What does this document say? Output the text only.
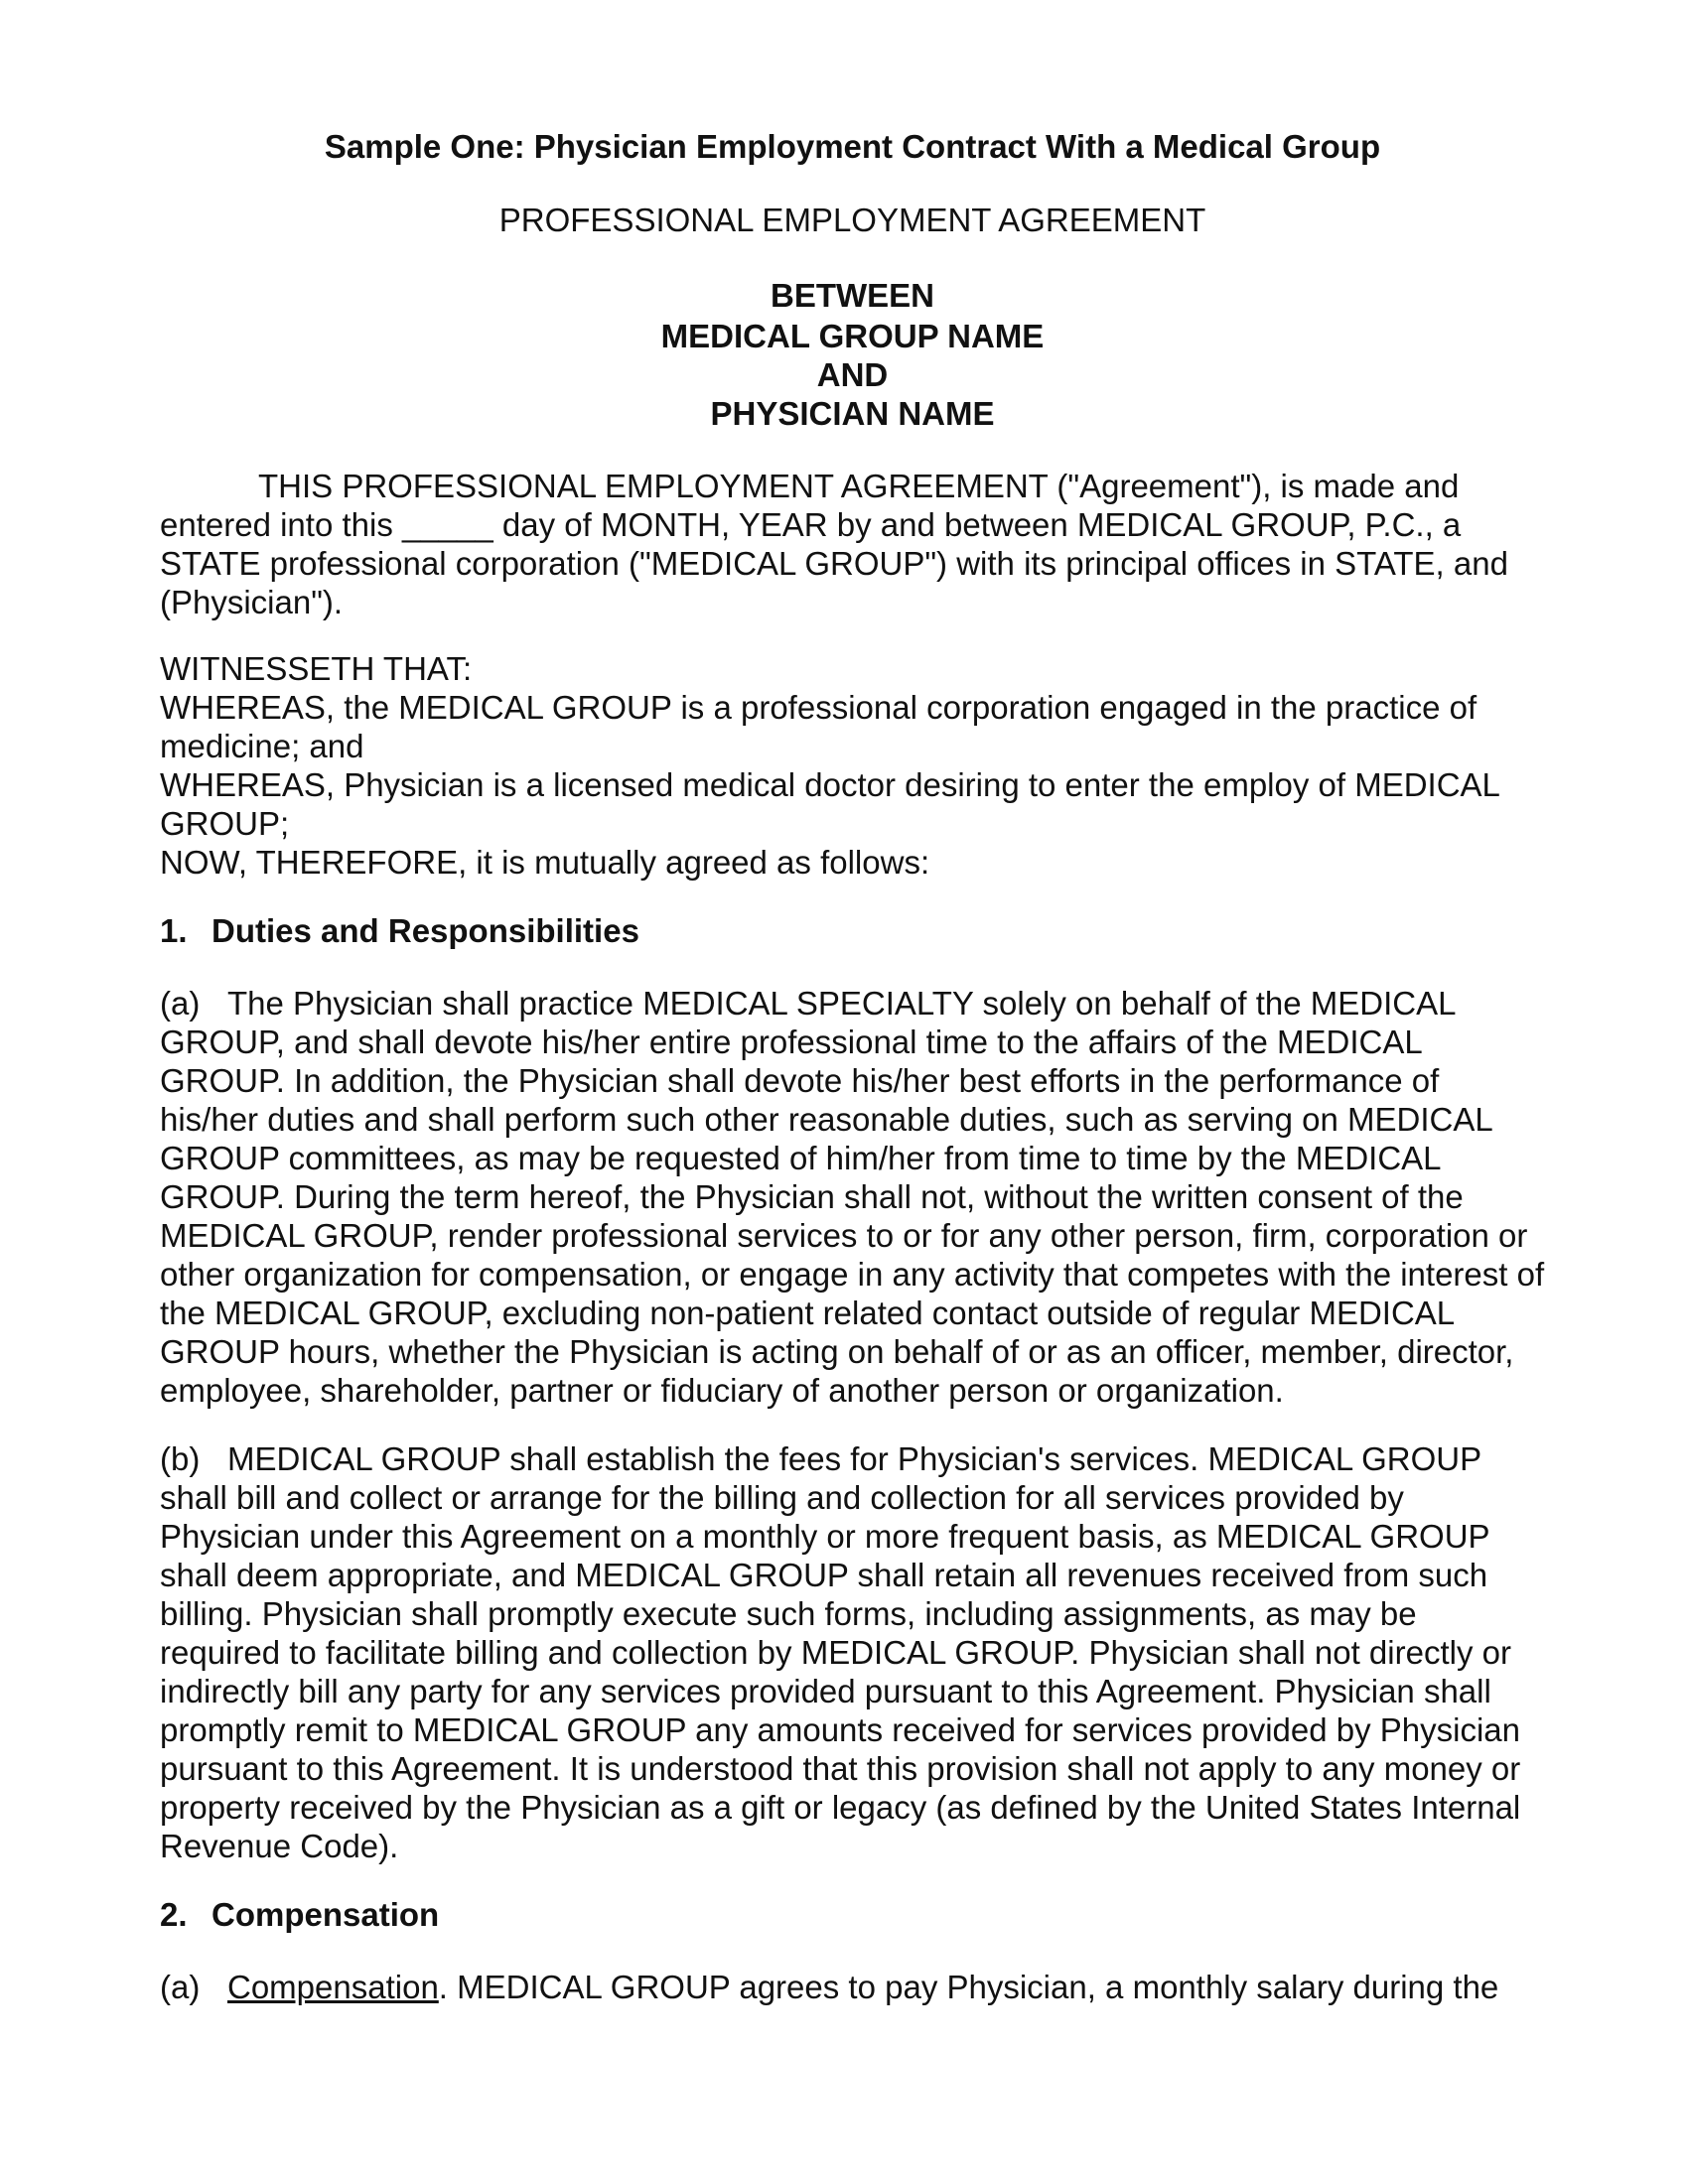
Sample One: Physician Employment Contract With a Medical Group
PROFESSIONAL EMPLOYMENT AGREEMENT
BETWEEN
MEDICAL GROUP NAME
AND
PHYSICIAN NAME

THIS PROFESSIONAL EMPLOYMENT AGREEMENT ("Agreement"), is made and entered into this _____ day of MONTH, YEAR by and between MEDICAL GROUP, P.C., a STATE professional corporation ("MEDICAL GROUP") with its principal offices in STATE, and (Physician").

WITNESSETH THAT:

WHEREAS, the MEDICAL GROUP is a professional corporation engaged in the practice of medicine; and

WHEREAS, Physician is a licensed medical doctor desiring to enter the employ of MEDICAL GROUP;

NOW, THEREFORE, it is mutually agreed as follows:

1. Duties and Responsibilities

(a) The Physician shall practice MEDICAL SPECIALTY solely on behalf of the MEDICAL GROUP, and shall devote his/her entire professional time to the affairs of the MEDICAL GROUP. In addition, the Physician shall devote his/her best efforts in the performance of his/her duties and shall perform such other reasonable duties, such as serving on MEDICAL GROUP committees, as may be requested of him/her from time to time by the MEDICAL GROUP. During the term hereof, the Physician shall not, without the written consent of the MEDICAL GROUP, render professional services to or for any other person, firm, corporation or other organization for compensation, or engage in any activity that competes with the interest of the MEDICAL GROUP, excluding non-patient related contact outside of regular MEDICAL GROUP hours, whether the Physician is acting on behalf of or as an officer, member, director, employee, shareholder, partner or fiduciary of another person or organization.

(b) MEDICAL GROUP shall establish the fees for Physician's services. MEDICAL GROUP shall bill and collect or arrange for the billing and collection for all services provided by Physician under this Agreement on a monthly or more frequent basis, as MEDICAL GROUP shall deem appropriate, and MEDICAL GROUP shall retain all revenues received from such billing. Physician shall promptly execute such forms, including assignments, as may be required to facilitate billing and collection by MEDICAL GROUP. Physician shall not directly or indirectly bill any party for any services provided pursuant to this Agreement. Physician shall promptly remit to MEDICAL GROUP any amounts received for services provided by Physician pursuant to this Agreement. It is understood that this provision shall not apply to any money or property received by the Physician as a gift or legacy (as defined by the United States Internal Revenue Code).

2. Compensation

(a) Compensation. MEDICAL GROUP agrees to pay Physician, a monthly salary during the
